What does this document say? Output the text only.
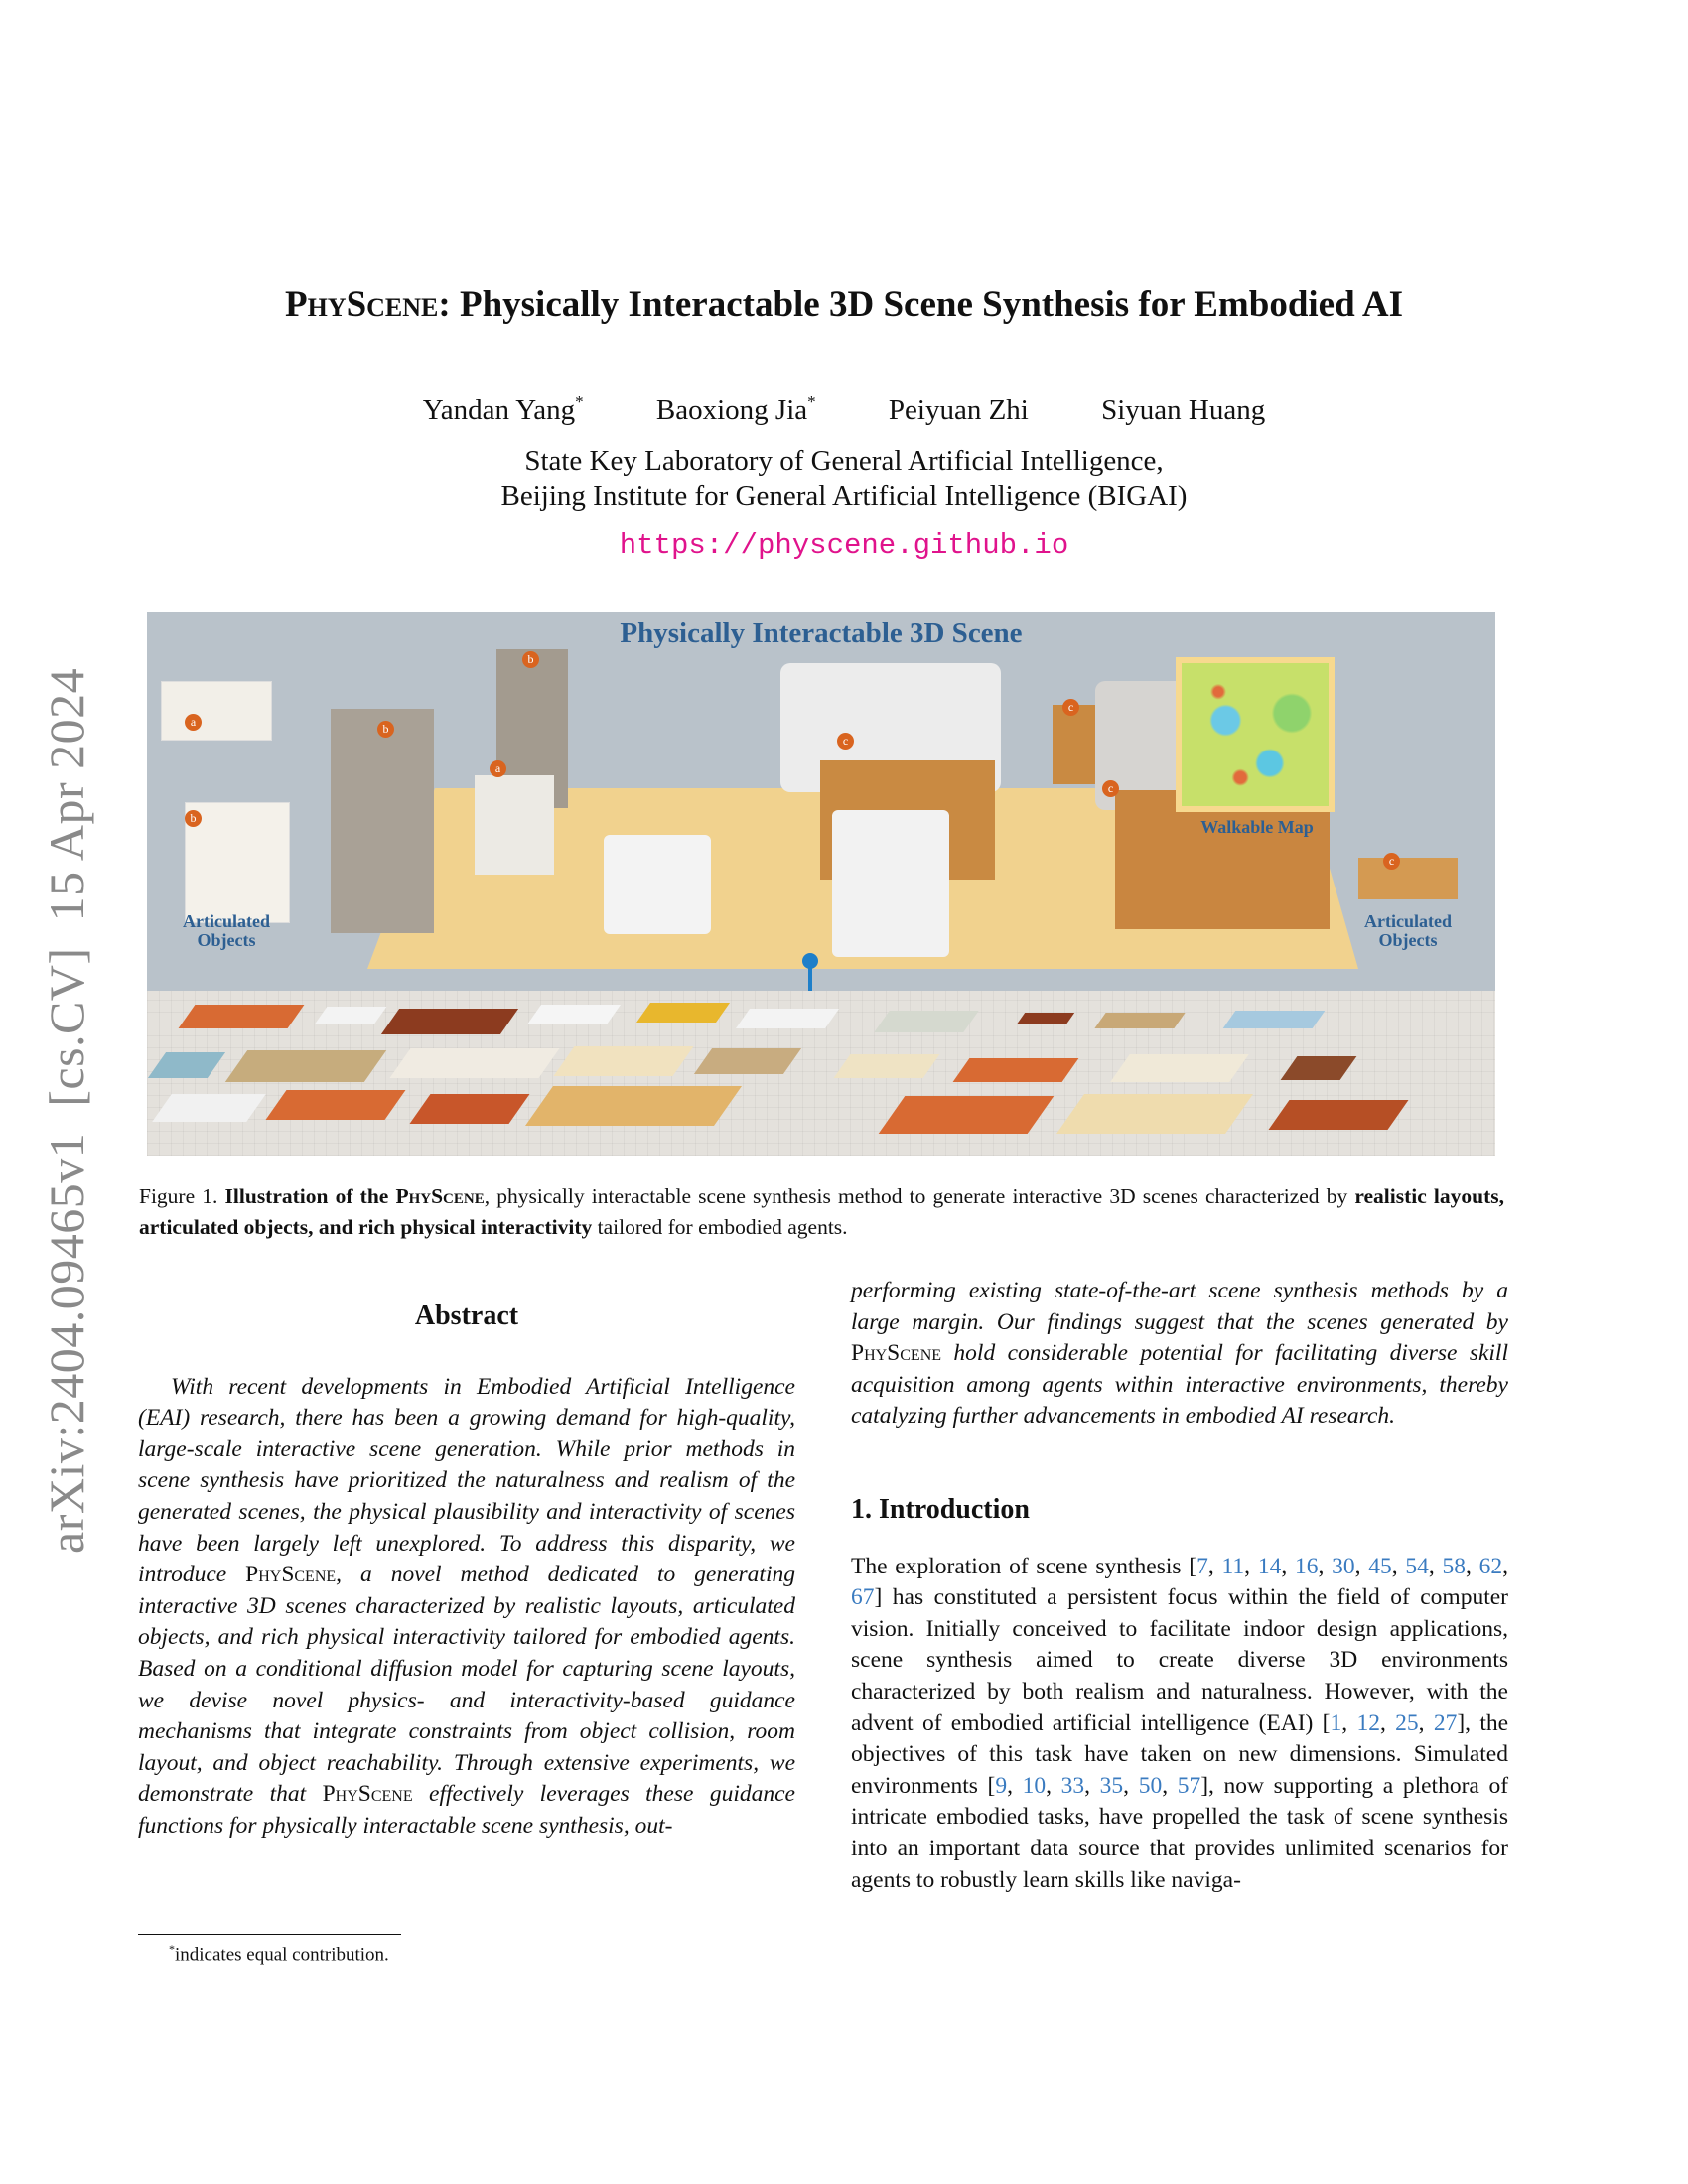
arXiv:2404.09465v1[cs.CV]15 Apr 2024
PhyScene: Physically Interactable 3D Scene Synthesis for Embodied AI
Yandan Yang*	Baoxiong Jia*	Peiyuan Zhi	Siyuan Huang
State Key Laboratory of General Artificial Intelligence,
Beijing Institute for General Artificial Intelligence (BIGAI)
https://physcene.github.io
Physically Interactable 3D Scene
a
b
Articulated Objects
b
b
a
c
c
c
Walkable Map
c
Articulated Objects
Figure 1. Illustration of the PhyScene, physically interactable scene synthesis method to generate interactive 3D scenes characterized by realistic layouts, articulated objects, and rich physical interactivity tailored for embodied agents.
Abstract

With recent developments in Embodied Artificial Intelligence (EAI) research, there has been a growing demand for high-quality, large-scale interactive scene generation. While prior methods in scene synthesis have prioritized the naturalness and realism of the generated scenes, the physical plausibility and interactivity of scenes have been largely left unexplored. To address this disparity, we introduce PhyScene, a novel method dedicated to generating interactive 3D scenes characterized by realistic layouts, articulated objects, and rich physical interactivity tailored for embodied agents. Based on a conditional diffusion model for capturing scene layouts, we devise novel physics- and interactivity-based guidance mechanisms that integrate constraints from object collision, room layout, and object reachability. Through extensive experiments, we demonstrate that PhyScene effectively leverages these guidance functions for physically interactable scene synthesis, out-

*indicates equal contribution.

performing existing state-of-the-art scene synthesis methods by a large margin. Our findings suggest that the scenes generated by PhyScene hold considerable potential for facilitating diverse skill acquisition among agents within interactive environments, thereby catalyzing further advancements in embodied AI research.

1. Introduction

The exploration of scene synthesis [7, 11, 14, 16, 30, 45, 54, 58, 62, 67] has constituted a persistent focus within the field of computer vision. Initially conceived to facilitate indoor design applications, scene synthesis aimed to create diverse 3D environments characterized by both realism and naturalness. However, with the advent of embodied artificial intelligence (EAI) [1, 12, 25, 27], the objectives of this task have taken on new dimensions. Simulated environments [9, 10, 33, 35, 50, 57], now supporting a plethora of intricate embodied tasks, have propelled the task of scene synthesis into an important data source that provides unlimited scenarios for agents to robustly learn skills like naviga-
